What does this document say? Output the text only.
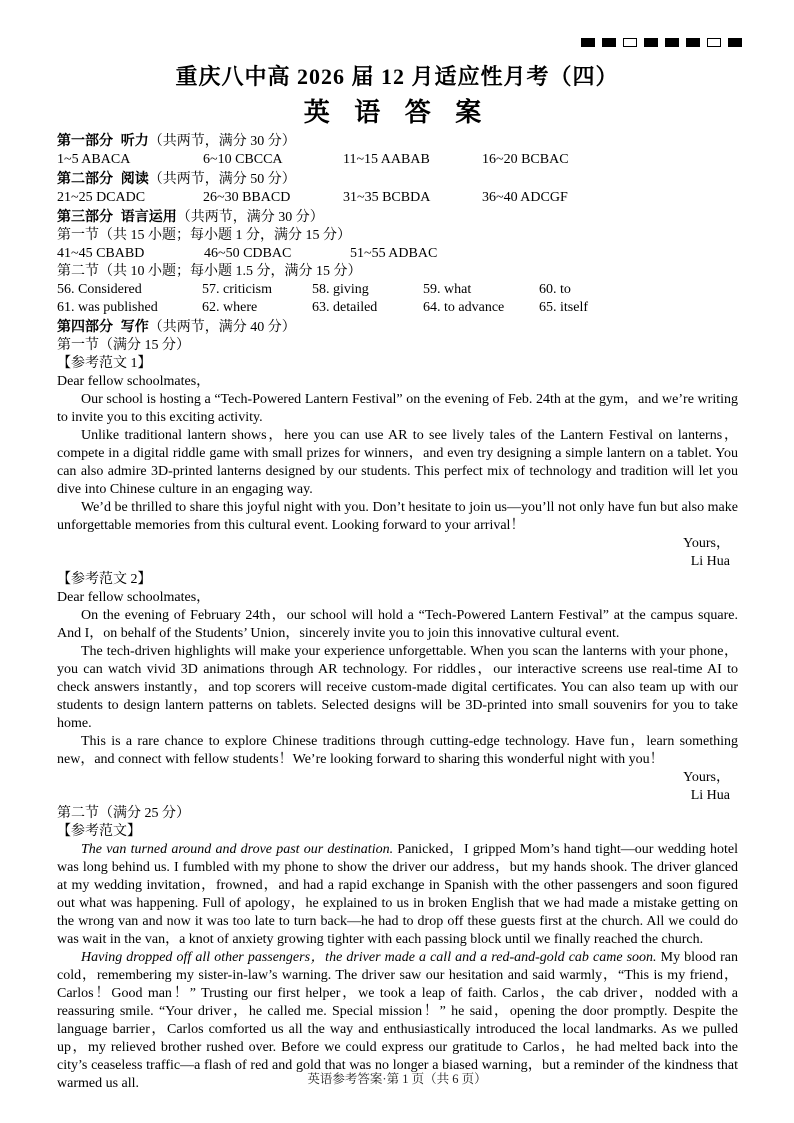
重庆八中高 2026 届 12 月适应性月考（四）
英 语 答 案
第一部分  听力（共两节，满分 30 分）
1~5 ABACA	6~10 CBCCA	11~15 AABAB	16~20 BCBAC
第二部分  阅读（共两节，满分 50 分）
21~25 DCADC	26~30 BBACD	31~35 BCBDA	36~40 ADCGF
第三部分  语言运用（共两节，满分 30 分）
第一节（共 15 小题；每小题 1 分，满分 15 分）
41~45 CBABD	46~50 CDBAC	51~55 ADBAC
第二节（共 10 小题；每小题 1.5 分，满分 15 分）
56. Considered	57. criticism	58. giving	59. what	60. to
61. was published	62. where	63. detailed	64. to advance 65. itself
第四部分  写作（共两节，满分 40 分）
第一节（满分 15 分）
【参考范文 1】
Dear fellow schoolmates，

Our school is hosting a “Tech-Powered Lantern Festival” on the evening of Feb. 24th at the gym，and we’re writing to invite you to this exciting activity.

Unlike traditional lantern shows，here you can use AR to see lively tales of the Lantern Festival on lanterns，compete in a digital riddle game with small prizes for winners，and even try designing a simple lantern on a tablet. You can also admire 3D-printed lanterns designed by our students. This perfect mix of technology and tradition will let you dive into Chinese culture in an engaging way.

We’d be thrilled to share this joyful night with you. Don’t hesitate to join us—you’ll not only have fun but also make unforgettable memories from this cultural event. Looking forward to your arrival！

Yours，
Li Hua
【参考范文 2】
Dear fellow schoolmates，

On the evening of February 24th，our school will hold a “Tech-Powered Lantern Festival” at the campus square. And I，on behalf of the Students’ Union，sincerely invite you to join this innovative cultural event.

The tech-driven highlights will make your experience unforgettable. When you scan the lanterns with your phone，you can watch vivid 3D animations through AR technology. For riddles，our interactive screens use real-time AI to check answers instantly，and top scorers will receive custom-made digital certificates. You can also team up with our students to design lantern patterns on tablets. Selected designs will be 3D-printed into small souvenirs for you to take home.

This is a rare chance to explore Chinese traditions through cutting-edge technology. Have fun，learn something new，and connect with fellow students！We’re looking forward to sharing this wonderful night with you！

Yours，
Li Hua
第二节（满分 25 分）
【参考范文】

The van turned around and drove past our destination. Panicked，I gripped Mom’s hand tight—our wedding hotel was long behind us. I fumbled with my phone to show the driver our address，but my hands shook. The driver glanced at my wedding invitation，frowned，and had a rapid exchange in Spanish with the other passengers and soon figured out what was happening. Full of apology，he explained to us in broken English that we had made a mistake getting on the wrong van and now it was too late to turn back—he had to drop off these guests first at the church. All we could do was wait in the van，a knot of anxiety growing tighter with each passing block until we finally reached the church.

Having dropped off all other passengers，the driver made a call and a red-and-gold cab came soon. My blood ran cold，remembering my sister-in-law’s warning. The driver saw our hesitation and said warmly，“This is my friend，Carlos！Good man！” Trusting our first helper，we took a leap of faith. Carlos，the cab driver，nodded with a reassuring smile. “Your driver，he called me. Special mission！” he said，opening the door promptly. Despite the language barrier，Carlos comforted us all the way and enthusiastically introduced the local landmarks. As we pulled up，my relieved brother rushed over. Before we could express our gratitude to Carlos，he had melted back into the city’s ceaseless traffic—a flash of red and gold that was no longer a biased warning，but a reminder of the kindness that warmed us all.	英语参考答案·第 1 页（共 6 页）
